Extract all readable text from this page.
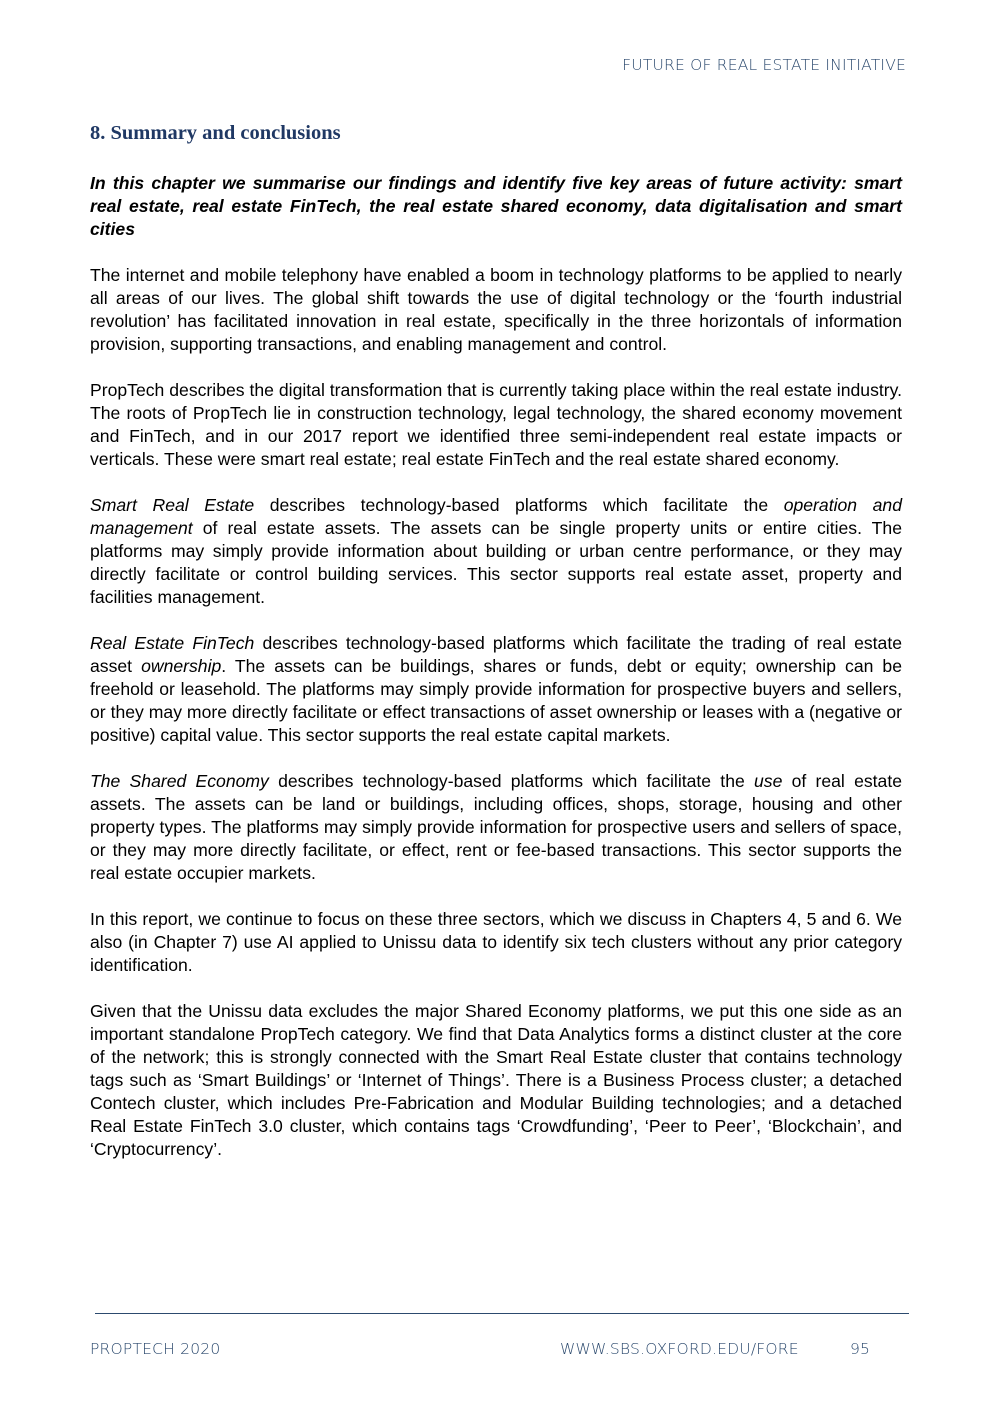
FUTURE OF REAL ESTATE INITIATIVE
8. Summary and conclusions

In this chapter we summarise our findings and identify five key areas of future activity: smart real estate, real estate FinTech, the real estate shared economy, data digitalisation and smart cities

The internet and mobile telephony have enabled a boom in technology platforms to be applied to nearly all areas of our lives. The global shift towards the use of digital technology or the ‘fourth industrial revolution’ has facilitated innovation in real estate, specifically in the three horizontals of information provision, supporting transactions, and enabling management and control.

PropTech describes the digital transformation that is currently taking place within the real estate industry. The roots of PropTech lie in construction technology, legal technology, the shared economy movement and FinTech, and in our 2017 report we identified three semi-independent real estate impacts or verticals. These were smart real estate; real estate FinTech and the real estate shared economy.

Smart Real Estate describes technology-based platforms which facilitate the operation and management of real estate assets. The assets can be single property units or entire cities. The platforms may simply provide information about building or urban centre performance, or they may directly facilitate or control building services. This sector supports real estate asset, property and facilities management.

Real Estate FinTech describes technology-based platforms which facilitate the trading of real estate asset ownership. The assets can be buildings, shares or funds, debt or equity; ownership can be freehold or leasehold. The platforms may simply provide information for prospective buyers and sellers, or they may more directly facilitate or effect transactions of asset ownership or leases with a (negative or positive) capital value. This sector supports the real estate capital markets.

The Shared Economy describes technology-based platforms which facilitate the use of real estate assets. The assets can be land or buildings, including offices, shops, storage, housing and other property types. The platforms may simply provide information for prospective users and sellers of space, or they may more directly facilitate, or effect, rent or fee-based transactions. This sector supports the real estate occupier markets.

In this report, we continue to focus on these three sectors, which we discuss in Chapters 4, 5 and 6. We also (in Chapter 7) use AI applied to Unissu data to identify six tech clusters without any prior category identification.

Given that the Unissu data excludes the major Shared Economy platforms, we put this one side as an important standalone PropTech category. We find that Data Analytics forms a distinct cluster at the core of the network; this is strongly connected with the Smart Real Estate cluster that contains technology tags such as ‘Smart Buildings’ or ‘Internet of Things’. There is a Business Process cluster; a detached Contech cluster, which includes Pre-Fabrication and Modular Building technologies; and a detached Real Estate FinTech 3.0 cluster, which contains tags ‘Crowdfunding’, ‘Peer to Peer’, ‘Blockchain’, and ‘Cryptocurrency’.

PROPTECH 2020	WWW.SBS.OXFORD.EDU/FORE	95
